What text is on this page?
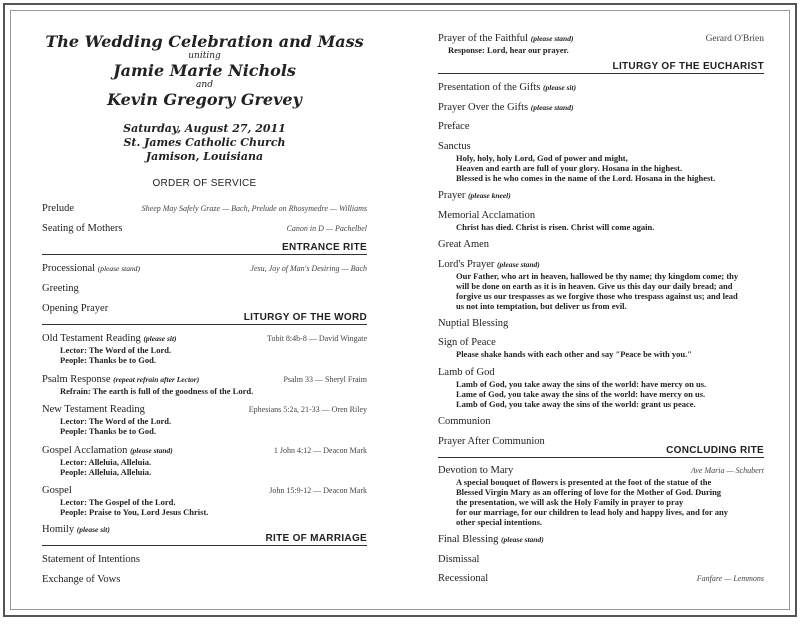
The Wedding Celebration and Mass
uniting
Jamie Marie Nichols
and
Kevin Gregory Grevey
Saturday, August 27, 2011
St. James Catholic Church
Jamison, Louisiana
ORDER OF SERVICE
Prelude	Sheep May Safely Graze — Bach, Prelude on Rhosymedre — Williams
Seating of Mothers	Canon in D — Pachelbel
ENTRANCE RITE
Processional (please stand)	Jesu, Joy of Man's Desiring — Bach
Greeting
Opening Prayer
LITURGY OF THE WORD
Old Testament Reading (please sit)	Tobit 8:4b-8 — David Wingate
Lector: The Word of the Lord.
People: Thanks be to God.
Psalm Response (repeat refrain after Lector)	Psalm 33 — Sheryl Fraim
Refrain: The earth is full of the goodness of the Lord.
New Testament Reading	Ephesians 5:2a, 21-33 — Oren Riley
Lector: The Word of the Lord.
People: Thanks be to God.
Gospel Acclamation (please stand)	1 John 4:12 — Deacon Mark
Lector: Alleluia, Alleluia.
People: Alleluia, Alleluia.
Gospel	John 15:9-12 — Deacon Mark
Lector: The Gospel of the Lord.
People: Praise to You, Lord Jesus Christ.
Homily (please sit)
RITE OF MARRIAGE
Statement of Intentions
Exchange of Vows
Prayer of the Faithful (please stand)	Gerard O'Brien
Response: Lord, hear our prayer.
LITURGY OF THE EUCHARIST
Presentation of the Gifts (please sit)
Prayer Over the Gifts (please stand)
Preface
Sanctus
Holy, holy, holy Lord, God of power and might,
Heaven and earth are full of your glory. Hosana in the highest.
Blessed is he who comes in the name of the Lord. Hosana in the highest.
Prayer (please kneel)
Memorial Acclamation
Christ has died. Christ is risen. Christ will come again.
Great Amen
Lord's Prayer (please stand)
Our Father, who art in heaven, hallowed be thy name; thy kingdom come; thy
will be done on earth as it is in heaven. Give us this day our daily bread; and
forgive us our trespasses as we forgive those who trespass against us; and lead
us not into temptation, but deliver us from evil.
Nuptial Blessing
Sign of Peace
Please shake hands with each other and say "Peace be with you."
Lamb of God
Lamb of God, you take away the sins of the world: have mercy on us.
Lame of God, you take away the sins of the world: have mercy on us.
Lamb of God, you take away the sins of the world: grant us peace.
Communion
Prayer After Communion
CONCLUDING RITE
Devotion to Mary	Ave Maria — Schubert
A special bouquet of flowers is presented at the foot of the statue of the
Blessed Virgin Mary as an offering of love for the Mother of God. During
the presentation, we will ask the Holy Family in prayer to pray
for our marriage, for our children to lead holy and happy lives, and for any
other special intentions.
Final Blessing (please stand)
Dismissal
Recessional	Fanfare — Lemmons
